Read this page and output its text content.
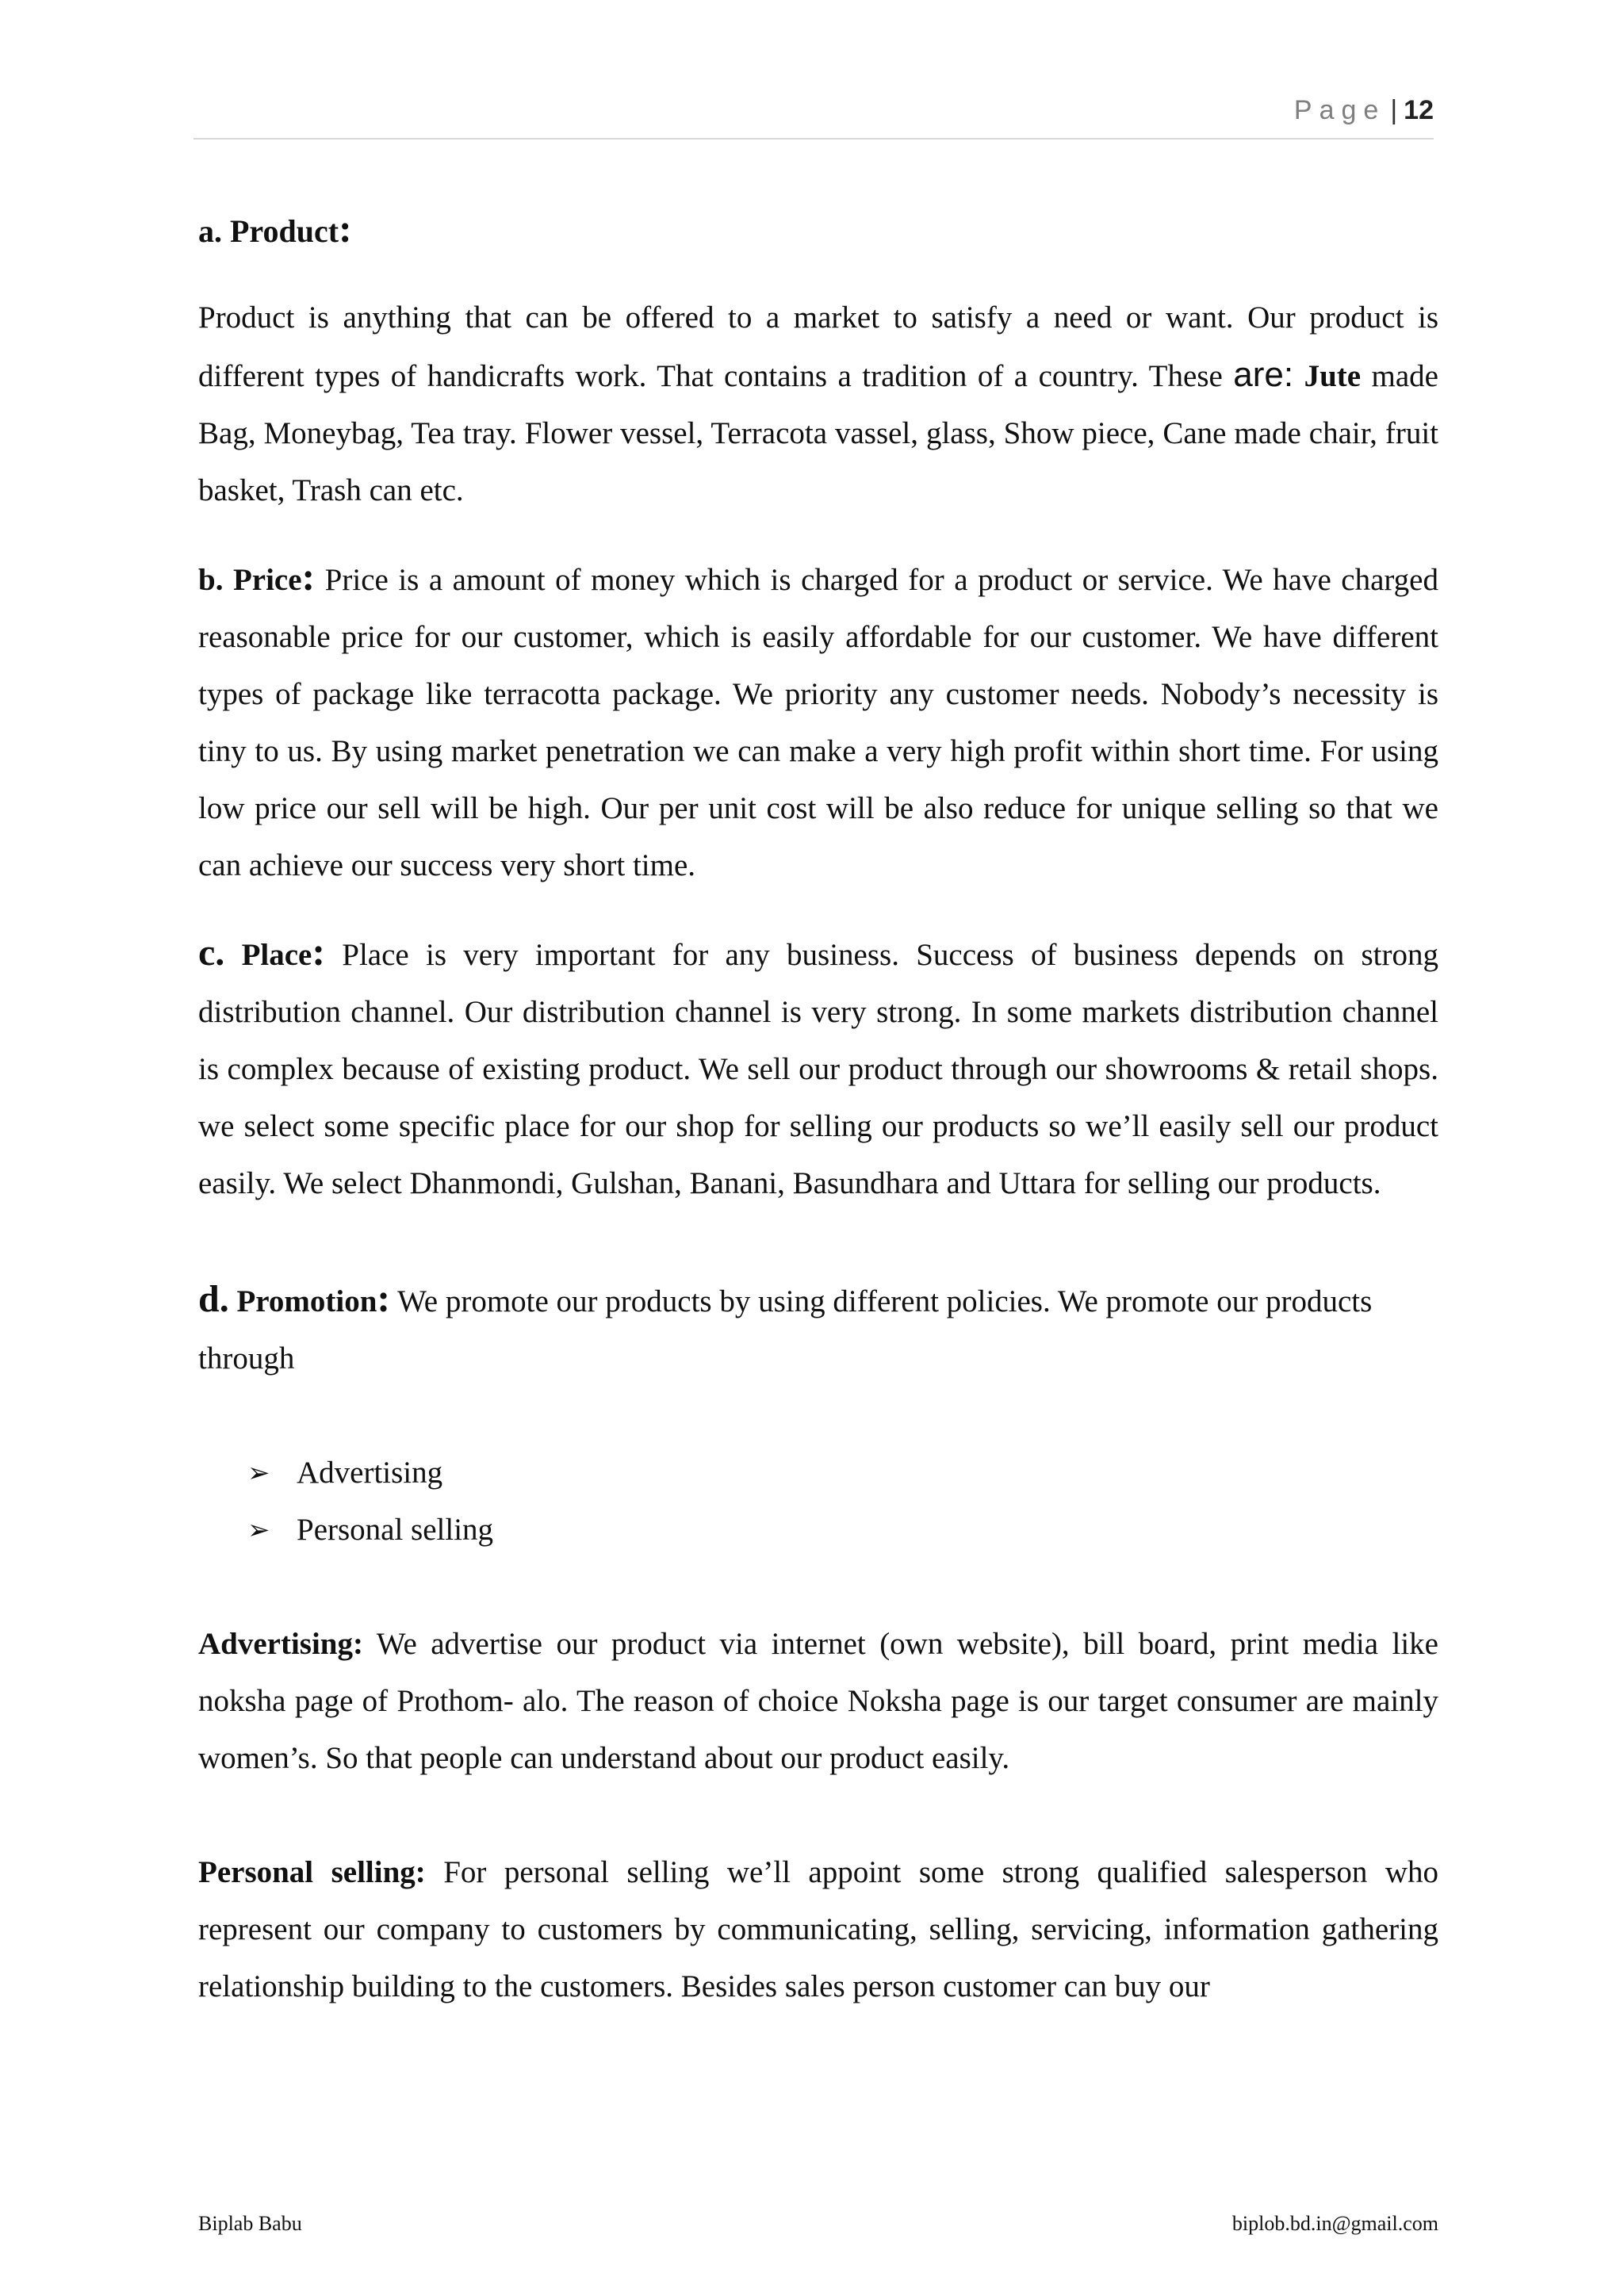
Page | 12

a. Product:

Product is anything that can be offered to a market to satisfy a need or want. Our product is different types of handicrafts work. That contains a tradition of a country. These are: Jute made Bag, Moneybag, Tea tray. Flower vessel, Terracota vassel, glass, Show piece, Cane made chair, fruit basket, Trash can etc.

b. Price: Price is a amount of money which is charged for a product or service. We have charged reasonable price for our customer, which is easily affordable for our customer. We have different types of package like terracotta package. We priority any customer needs. Nobody’s necessity is tiny to us. By using market penetration we can make a very high profit within short time. For using low price our sell will be high. Our per unit cost will be also reduce for unique selling so that we can achieve our success very short time.

c. Place: Place is very important for any business. Success of business depends on strong distribution channel. Our distribution channel is very strong. In some markets distribution channel is complex because of existing product. We sell our product through our showrooms & retail shops. we select some specific place for our shop for selling our products so we’ll easily sell our product easily. We select Dhanmondi, Gulshan, Banani, Basundhara and Uttara for selling our products.

d. Promotion: We promote our products by using different policies. We promote our products through

➢ Advertising
➢ Personal selling

Advertising: We advertise our product via internet (own website), bill board, print media like noksha page of Prothom- alo. The reason of choice Noksha page is our target consumer are mainly women’s. So that people can understand about our product easily.

Personal selling: For personal selling we’ll appoint some strong qualified salesperson who represent our company to customers by communicating, selling, servicing, information gathering relationship building to the customers. Besides sales person customer can buy our

Biplab Babu	biplob.bd.in@gmail.com
